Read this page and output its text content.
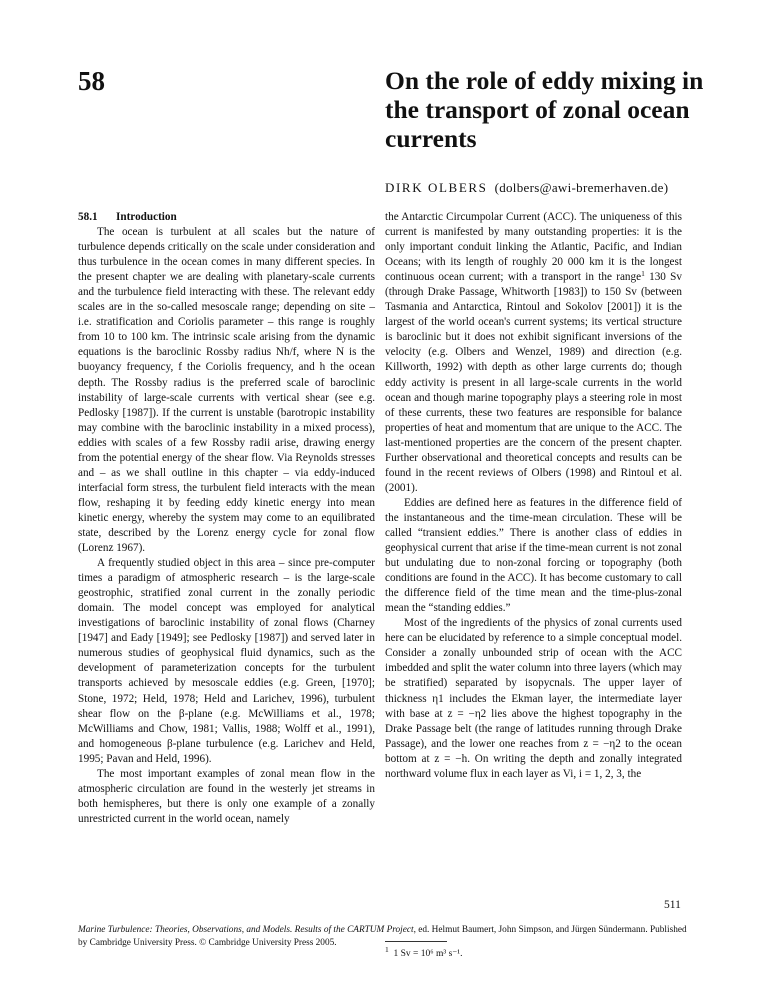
58	On the role of eddy mixing in the transport of zonal ocean currents
DIRK OLBERS (dolbers@awi-bremerhaven.de)
58.1 Introduction

The ocean is turbulent at all scales but the nature of turbulence depends critically on the scale under consideration and thus turbulence in the ocean comes in many different species. In the present chapter we are dealing with planetary-scale currents and the turbulence field interacting with these. The relevant eddy scales are in the so-called mesoscale range; depending on site – i.e. stratification and Coriolis parameter – this range is roughly from 10 to 100 km. The intrinsic scale arising from the dynamic equations is the baroclinic Rossby radius Nh/f, where N is the buoyancy frequency, f the Coriolis frequency, and h the ocean depth. The Rossby radius is the preferred scale of baroclinic instability of large-scale currents with vertical shear (see e.g. Pedlosky [1987]). If the current is unstable (barotropic instability may combine with the baroclinic instability in a mixed process), eddies with scales of a few Rossby radii arise, drawing energy from the potential energy of the shear flow. Via Reynolds stresses and – as we shall outline in this chapter – via eddy-induced interfacial form stress, the turbulent field interacts with the mean flow, reshaping it by feeding eddy kinetic energy into mean kinetic energy, whereby the system may come to an equilibrated state, described by the Lorenz energy cycle for zonal flow (Lorenz 1967).

A frequently studied object in this area – since pre-computer times a paradigm of atmospheric research – is the large-scale geostrophic, stratified zonal current in the zonally periodic domain. The model concept was employed for analytical investigations of baroclinic instability of zonal flows (Charney [1947] and Eady [1949]; see Pedlosky [1987]) and served later in numerous studies of geophysical fluid dynamics, such as the development of parameterization concepts for the turbulent transports achieved by mesoscale eddies (e.g. Green, [1970]; Stone, 1972; Held, 1978; Held and Larichev, 1996), turbulent shear flow on the β-plane (e.g. McWilliams et al., 1978; McWilliams and Chow, 1981; Vallis, 1988; Wolff et al., 1991), and homogeneous β-plane turbulence (e.g. Larichev and Held, 1995; Pavan and Held, 1996).

The most important examples of zonal mean flow in the atmospheric circulation are found in the westerly jet streams in both hemispheres, but there is only one example of a zonally unrestricted current in the world ocean, namely

the Antarctic Circumpolar Current (ACC). The uniqueness of this current is manifested by many outstanding properties: it is the only important conduit linking the Atlantic, Pacific, and Indian Oceans; with its length of roughly 20 000 km it is the longest continuous ocean current; with a transport in the range$^1$ 130 Sv (through Drake Passage, Whitworth [1983]) to 150 Sv (between Tasmania and Antarctica, Rintoul and Sokolov [2001]) it is the largest of the world ocean's current systems; its vertical structure is baroclinic but it does not exhibit significant inversions of the velocity (e.g. Olbers and Wenzel, 1989) and direction (e.g. Killworth, 1992) with depth as other large currents do; though eddy activity is present in all large-scale currents in the world ocean and though marine topography plays a steering role in most of these currents, these two features are responsible for balance properties of heat and momentum that are unique to the ACC. The last-mentioned properties are the concern of the present chapter. Further observational and theoretical concepts and results can be found in the recent reviews of Olbers (1998) and Rintoul et al. (2001).

Eddies are defined here as features in the difference field of the instantaneous and the time-mean circulation. These will be called “transient eddies.” There is another class of eddies in geophysical current that arise if the time-mean current is not zonal but undulating due to non-zonal forcing or topography (both conditions are found in the ACC). It has become customary to call the difference field of the time mean and the time-plus-zonal mean the “standing eddies.”

Most of the ingredients of the physics of zonal currents used here can be elucidated by reference to a simple conceptual model. Consider a zonally unbounded strip of ocean with the ACC imbedded and split the water column into three layers (which may be stratified) separated by isopycnals. The upper layer of thickness η1 includes the Ekman layer, the intermediate layer with base at z = −η2 lies above the highest topography in the Drake Passage belt (the range of latitudes running through Drake Passage), and the lower one reaches from z = −η2 to the ocean bottom at z = −h. On writing the depth and zonally integrated northward volume flux in each layer as Vi, i = 1, 2, 3, the

$^1$ 1 Sv = 10⁶ m³ s⁻¹.
511
Marine Turbulence: Theories, Observations, and Models. Results of the CARTUM Project, ed. Helmut Baumert, John Simpson, and Jürgen Sündermann. Published by Cambridge University Press. © Cambridge University Press 2005.
